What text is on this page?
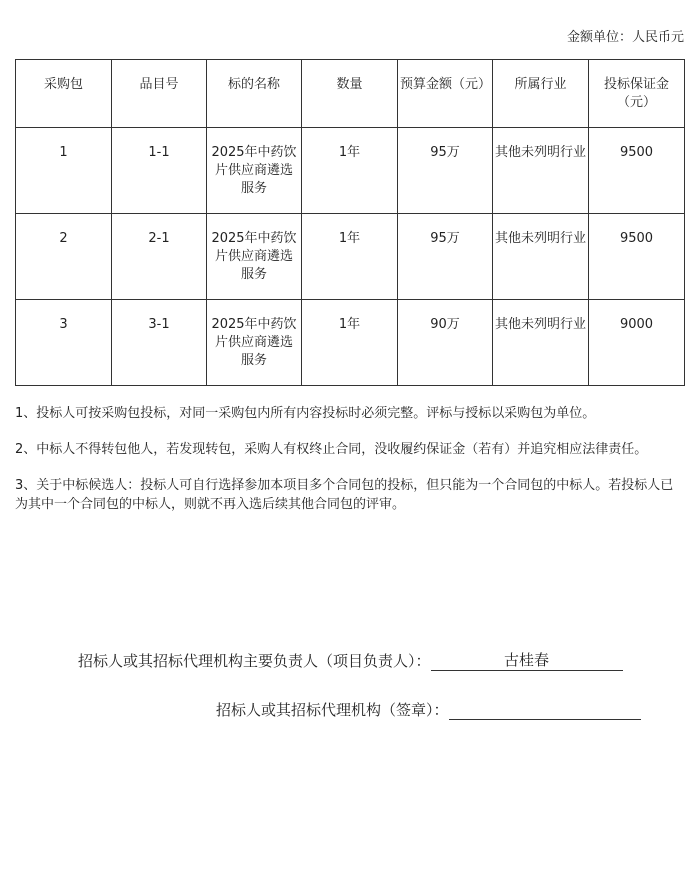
金额单位：人民币元
采购包	品目号	标的名称	数量	预算金额（元）	所属行业	投标保证金（元）
1	1-1	2025年中药饮片供应商遴选服务	1年	95万	其他未列明行业	9500
2	2-1	2025年中药饮片供应商遴选服务	1年	95万	其他未列明行业	9500
3	3-1	2025年中药饮片供应商遴选服务	1年	90万	其他未列明行业	9000

1、投标人可按采购包投标，对同一采购包内所有内容投标时必须完整。评标与授标以采购包为单位。

2、中标人不得转包他人，若发现转包，采购人有权终止合同，没收履约保证金（若有）并追究相应法律责任。

3、关于中标候选人：投标人可自行选择参加本项目多个合同包的投标，但只能为一个合同包的中标人。若投标人已为其中一个合同包的中标人，则就不再入选后续其他合同包的评审。

招标人或其招标代理机构主要负责人（项目负责人）：	古桂春
招标人或其招标代理机构（签章）：
